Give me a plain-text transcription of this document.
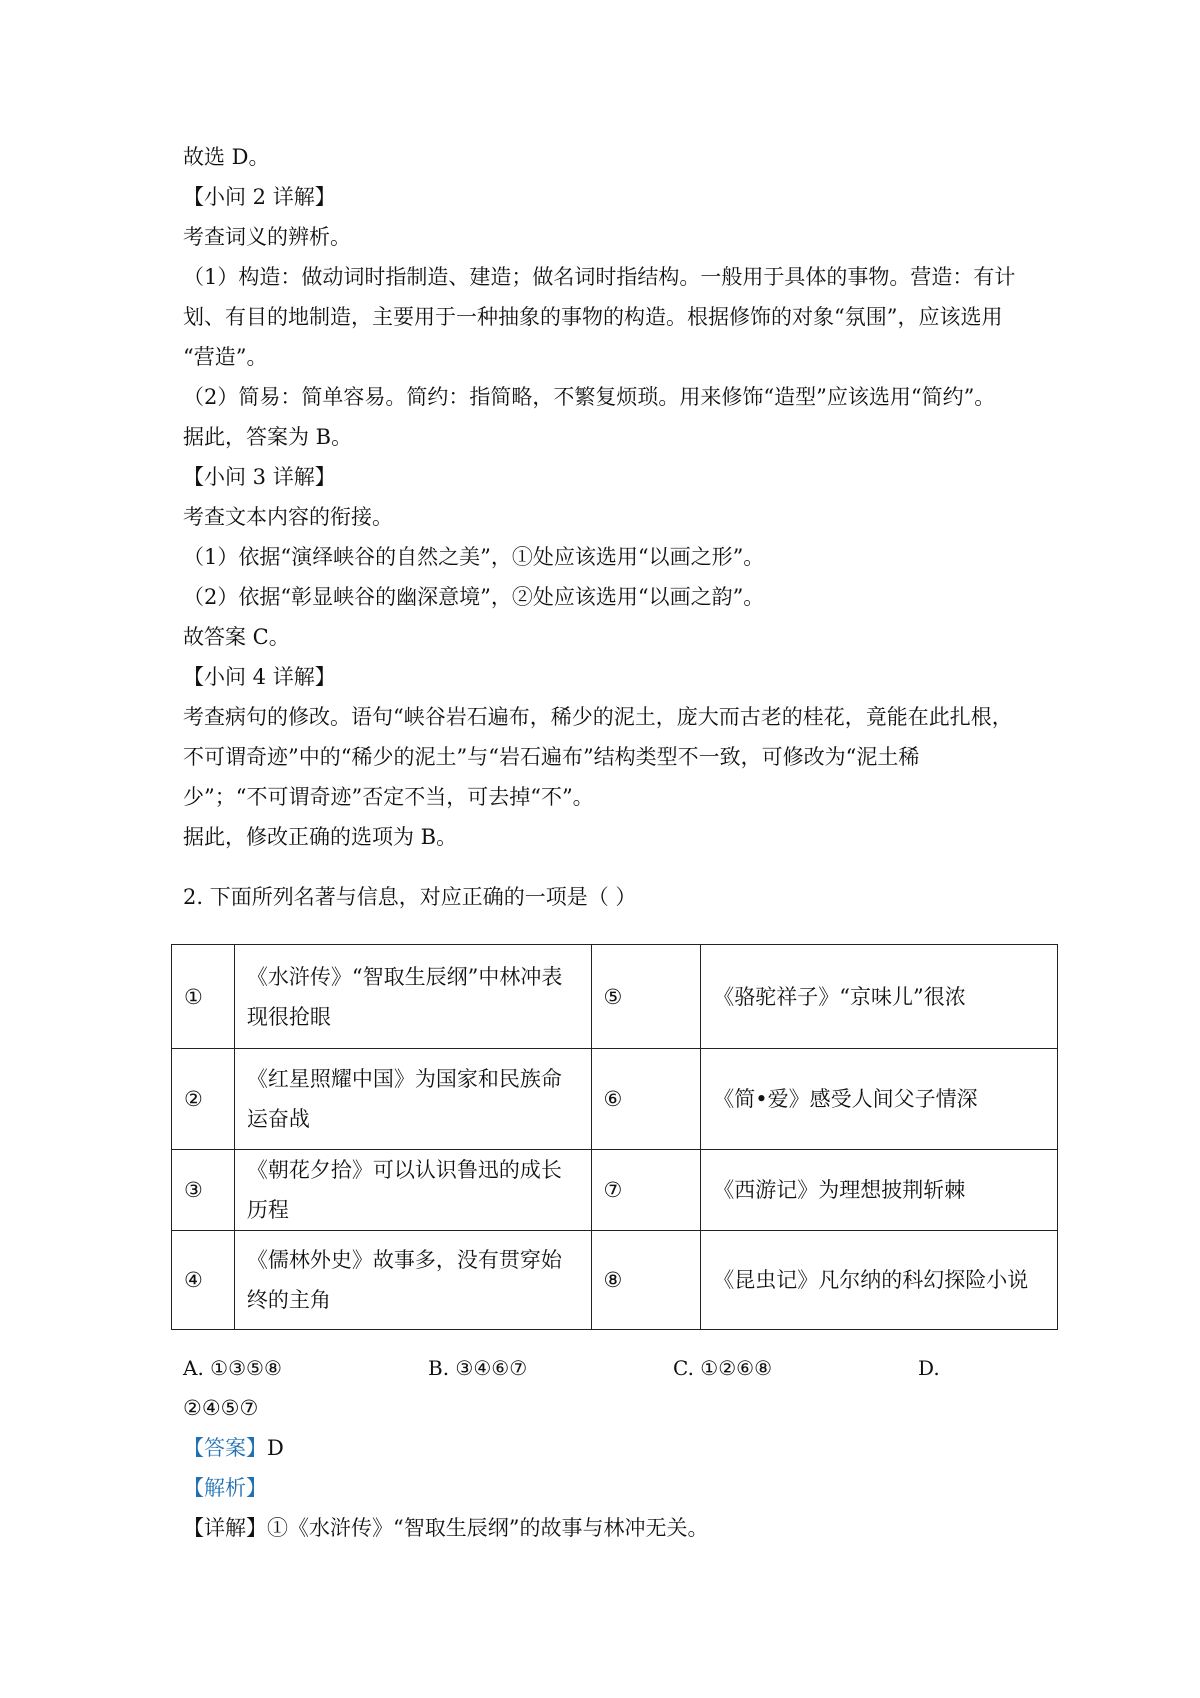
故选 D。
【小问 2 详解】
考查词义的辨析。
（1）构造：做动词时指制造、建造；做名词时指结构。一般用于具体的事物。营造：有计
划、有目的地制造，主要用于一种抽象的事物的构造。根据修饰的对象“氛围”，应该选用
“营造”。
（2）简易：简单容易。简约：指简略，不繁复烦琐。用来修饰“造型”应该选用“简约”。
据此，答案为 B。
【小问 3 详解】
考查文本内容的衔接。
（1）依据“演绎峡谷的自然之美”，①处应该选用“以画之形”。
（2）依据“彰显峡谷的幽深意境”，②处应该选用“以画之韵”。
故答案 C。
【小问 4 详解】
考查病句的修改。语句“峡谷岩石遍布，稀少的泥土，庞大而古老的桂花，竟能在此扎根，
不可谓奇迹”中的“稀少的泥土”与“岩石遍布”结构类型不一致，可修改为“泥土稀
少”；“不可谓奇迹”否定不当，可去掉“不”。
据此，修改正确的选项为 B。
2. 下面所列名著与信息，对应正确的一项是（ ）
①	《水浒传》“智取生辰纲”中林冲表现很抢眼	⑤	《骆驼祥子》“京味儿”很浓
②	《红星照耀中国》为国家和民族命运奋战	⑥	《简•爱》感受人间父子情深
③	《朝花夕拾》可以认识鲁迅的成长历程	⑦	《西游记》为理想披荆斩棘
④	《儒林外史》故事多，没有贯穿始终的主角	⑧	《昆虫记》凡尔纳的科幻探险小说
A. ①③⑤⑧	B. ③④⑥⑦	C. ①②⑥⑧	D.
②④⑤⑦
【答案】D
【解析】
【详解】①《水浒传》“智取生辰纲”的故事与林冲无关。
